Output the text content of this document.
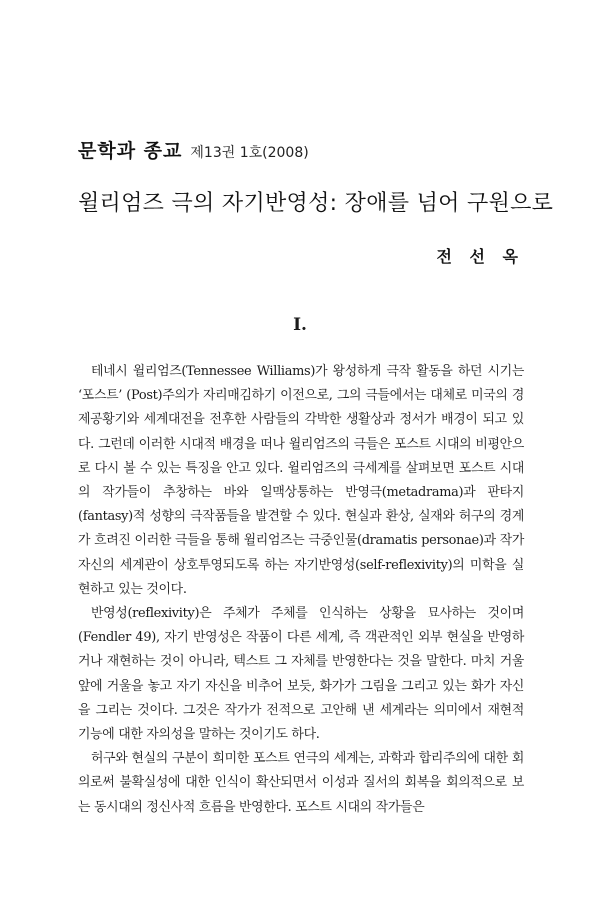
문학과 종교 제13권 1호(2008)
윌리엄즈 극의 자기반영성: 장애를 넘어 구원으로
전 선 옥
I.

테네시 윌리엄즈(Tennessee Williams)가 왕성하게 극작 활동을 하던 시기는 ‘포스트’ (Post)주의가 자리매김하기 이전으로, 그의 극들에서는 대체로 미국의 경제공황기와 세계대전을 전후한 사람들의 각박한 생활상과 정서가 배경이 되고 있다. 그런데 이러한 시대적 배경을 떠나 윌리엄즈의 극들은 포스트 시대의 비평안으로 다시 볼 수 있는 특징을 안고 있다. 윌리엄즈의 극세계를 살펴보면 포스트 시대의 작가들이 추창하는 바와 일맥상통하는 반영극(metadrama)과 판타지(fantasy)적 성향의 극작품들을 발견할 수 있다. 현실과 환상, 실재와 허구의 경계가 흐려진 이러한 극들을 통해 윌리엄즈는 극중인물(dramatis personae)과 작가 자신의 세계관이 상호투영되도록 하는 자기반영성(self-reflexivity)의 미학을 실현하고 있는 것이다.

반영성(reflexivity)은 주체가 주체를 인식하는 상황을 묘사하는 것이며 (Fendler 49), 자기 반영성은 작품이 다른 세계, 즉 객관적인 외부 현실을 반영하거나 재현하는 것이 아니라, 텍스트 그 자체를 반영한다는 것을 말한다. 마치 거울 앞에 거울을 놓고 자기 자신을 비추어 보듯, 화가가 그림을 그리고 있는 화가 자신을 그리는 것이다. 그것은 작가가 전적으로 고안해 낸 세계라는 의미에서 재현적 기능에 대한 자의성을 말하는 것이기도 하다.

허구와 현실의 구분이 희미한 포스트 연극의 세계는, 과학과 합리주의에 대한 회의로써 불확실성에 대한 인식이 확산되면서 이성과 질서의 회복을 회의적으로 보는 동시대의 정신사적 흐름을 반영한다. 포스트 시대의 작가들은
